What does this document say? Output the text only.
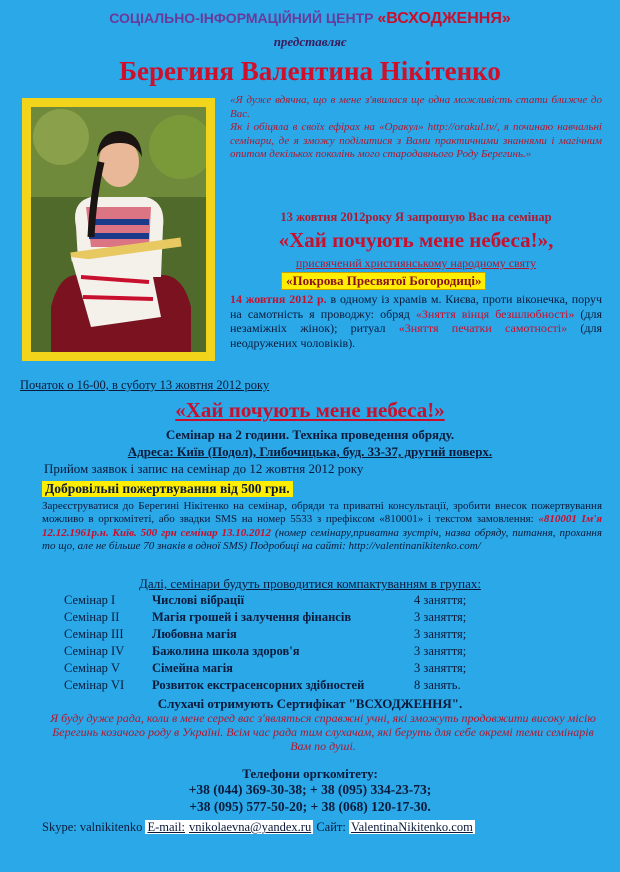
СОЦІАЛЬНО-ІНФОРМАЦІЙНИЙ ЦЕНТР «ВСХОДЖЕННЯ»
представляє
Берегиня Валентина Нікітенко
«Я дуже вдячна, що в мене з'явилася ще одна можливість стати ближче до Вас.
Як і обіцяла в своїх ефірах на «Оракул» http://orakul.tv/, я починаю навчальні семінари, де я зможу поділитися з Вами практичними знаннями і магічним опитом декількох поколінь мого стародавнього Роду Берегинь.»
13 жовтня 2012року Я запрошую Вас на семінар
«Хай почують мене небеса!»,
присвячений християнському народному святу
«Покрова Пресвятої Богородиці»
14 жовтня 2012 р. в одному із храмів м. Києва, проти віконечка, поруч на самотність я проводжу: обряд «Зняття вінця безшлюбності» (для незаміжніх жінок); ритуал «Зняття печатки самотності» (для неодружених чоловіків).
Початок о 16-00, в суботу 13 жовтня 2012 року
«Хай почують мене небеса!»
Семінар на 2 години. Техніка проведення обряду.
Адреса: Київ (Подол), Глибочицька, буд. 33-37, другий поверх.
Прийом заявок і запис на семінар до 12 жовтня 2012 року
Добровільні пожертвування від 500 грн.
Зареєструватися до Берегині Нікітенко на семінар, обряди та приватні консультації, зробити внесок пожертвування можливо в оргкомітеті, або звадки SMS на номер 5533 з префіксом «810001» і текстом замовлення: «810001 Ім'я 12.12.1961р.н. Київ. 500 грн семінар 13.10.2012 (номер семінару,приватна зустріч, назва обряду, питання, прохання то що, але не більше 70 знаків в одної SMS) Подробиці на сайті: http://valentinanikitenko.com/
Далі, семінари будуть проводитися компактуванням в групах:
Семінар I	Числові вібрації	4 заняття;
Семінар II	Магія грошей і залучення фінансів	3 заняття;
Семінар III	Любовна магія	3 заняття;
Семінар IV	Бажолина школа здоров'я	3 заняття;
Семінар V	Сімейна магія	3 заняття;
Семінар VI	Розвиток екстрасенсорних здібностей	8 занять.
Слухачі отримують Сертифікат "ВСХОДЖЕННЯ".
Я буду дуже рада, коли в мене серед вас з'являться справжні учні, які зможуть продовжити високу місію Берегинь козачого роду в Україні. Всім час рада тим слухачам, які беруть для себе окремі теми семінарів Вам по душі.
Телефони оргкомітету:
+38 (044) 369-30-38; + 38 (095) 334-23-73;
+38 (095) 577-50-20; + 38 (068) 120-17-30.
Skype: valnikitenko E-mail: vnikolaevna@yandex.ru Сайт: ValentinaNikitenko.com
